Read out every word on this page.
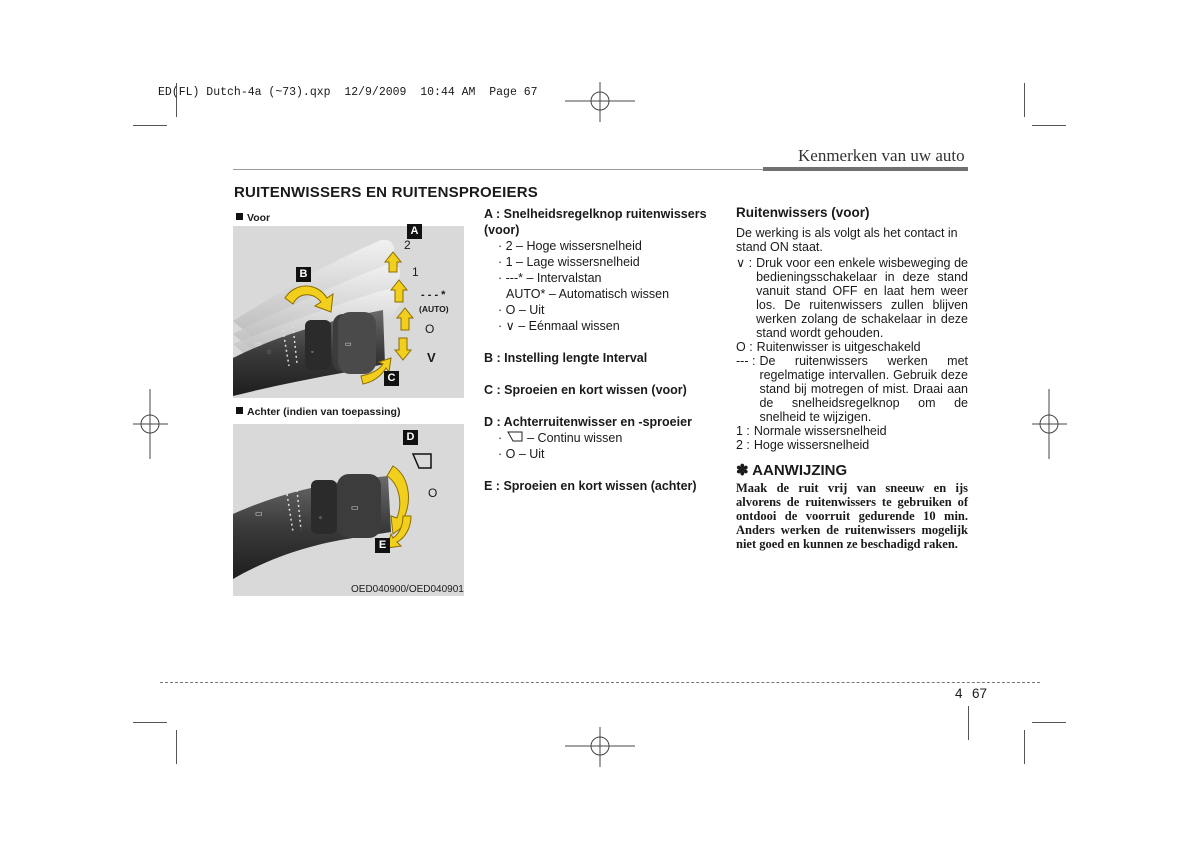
ED(FL) Dutch-4a (~73).qxp  12/9/2009  10:44 AM  Page 67
Kenmerken van uw auto
RUITENWISSERS EN RUITENSPROEIERS
Voor
▭
◌	◦
▭
A
B
C
2
1
- - - *
(AUTO)
O
V
Achter (indien van toepassing)
▭
▭
◦
D
E
O
OED040900/OED040901
A : Snelheidsregelknop ruitenwissers (voor)
· 2 – Hoge wissersnelheid
· 1 – Lage wissersnelheid
· ---* – Intervalstan
AUTO* – Automatisch wissen
· O – Uit
· ∨ – Eénmaal wissen
B : Instelling lengte Interval
C : Sproeien en kort wissen (voor)
D : Achterruitenwisser en -sproeier
·  – Continu wissen
· O – Uit
E : Sproeien en kort wissen (achter)
Ruitenwissers (voor)

De werking is als volgt als het contact in stand ON staat.

∨ : Druk voor een enkele wisbeweging de bedieningsschakelaar in deze stand vanuit stand OFF en laat hem weer los. De ruitenwissers zullen blijven werken zolang de schakelaar in deze stand wordt gehouden.
O : Ruitenwisser is uitgeschakeld
--- : De ruitenwissers werken met regelmatige intervallen. Gebruik deze stand bij motregen of mist. Draai aan de snelheidsregelknop om de snelheid te wijzigen.
1 : Normale wissersnelheid
2 : Hoge wissersnelheid
✽ AANWIJZING
Maak de ruit vrij van sneeuw en ijs alvorens de ruitenwissers te gebruiken of ontdooi de voorruit gedurende 10 min. Anders werken de ruitenwissers mogelijk niet goed en kunnen ze beschadigd raken.
4 67
